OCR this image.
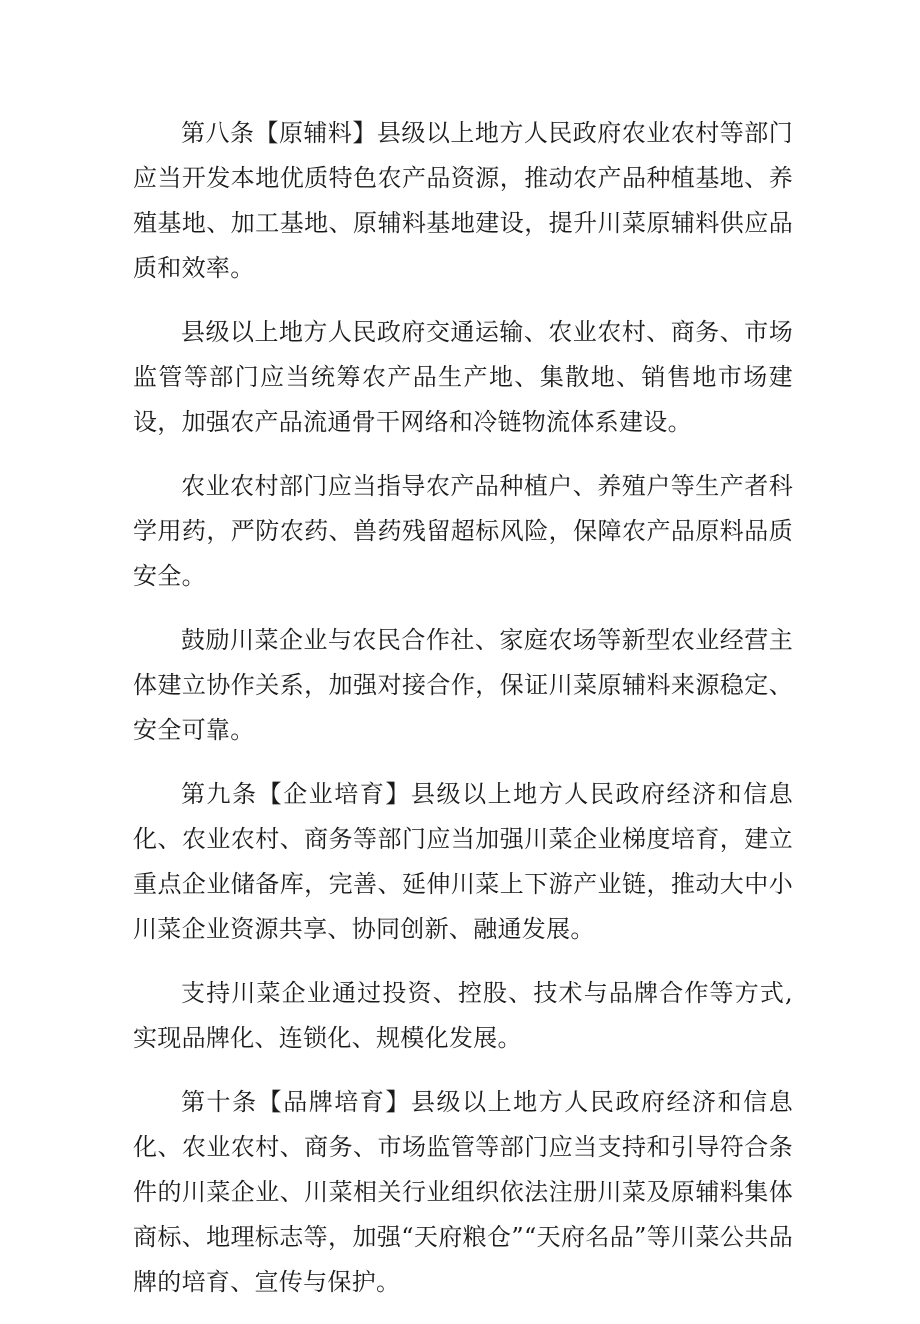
第八条【原辅料】县级以上地方人民政府农业农村等部门应当开发本地优质特色农产品资源，推动农产品种植基地、养殖基地、加工基地、原辅料基地建设，提升川菜原辅料供应品质和效率。

县级以上地方人民政府交通运输、农业农村、商务、市场监管等部门应当统筹农产品生产地、集散地、销售地市场建设，加强农产品流通骨干网络和冷链物流体系建设。

农业农村部门应当指导农产品种植户、养殖户等生产者科学用药，严防农药、兽药残留超标风险，保障农产品原料品质安全。

鼓励川菜企业与农民合作社、家庭农场等新型农业经营主体建立协作关系，加强对接合作，保证川菜原辅料来源稳定、安全可靠。

第九条【企业培育】县级以上地方人民政府经济和信息化、农业农村、商务等部门应当加强川菜企业梯度培育，建立重点企业储备库，完善、延伸川菜上下游产业链，推动大中小川菜企业资源共享、协同创新、融通发展。

支持川菜企业通过投资、控股、技术与品牌合作等方式,实现品牌化、连锁化、规模化发展。

第十条【品牌培育】县级以上地方人民政府经济和信息化、农业农村、商务、市场监管等部门应当支持和引导符合条件的川菜企业、川菜相关行业组织依法注册川菜及原辅料集体商标、地理标志等，加强“天府粮仓”“天府名品”等川菜公共品牌的培育、宣传与保护。
